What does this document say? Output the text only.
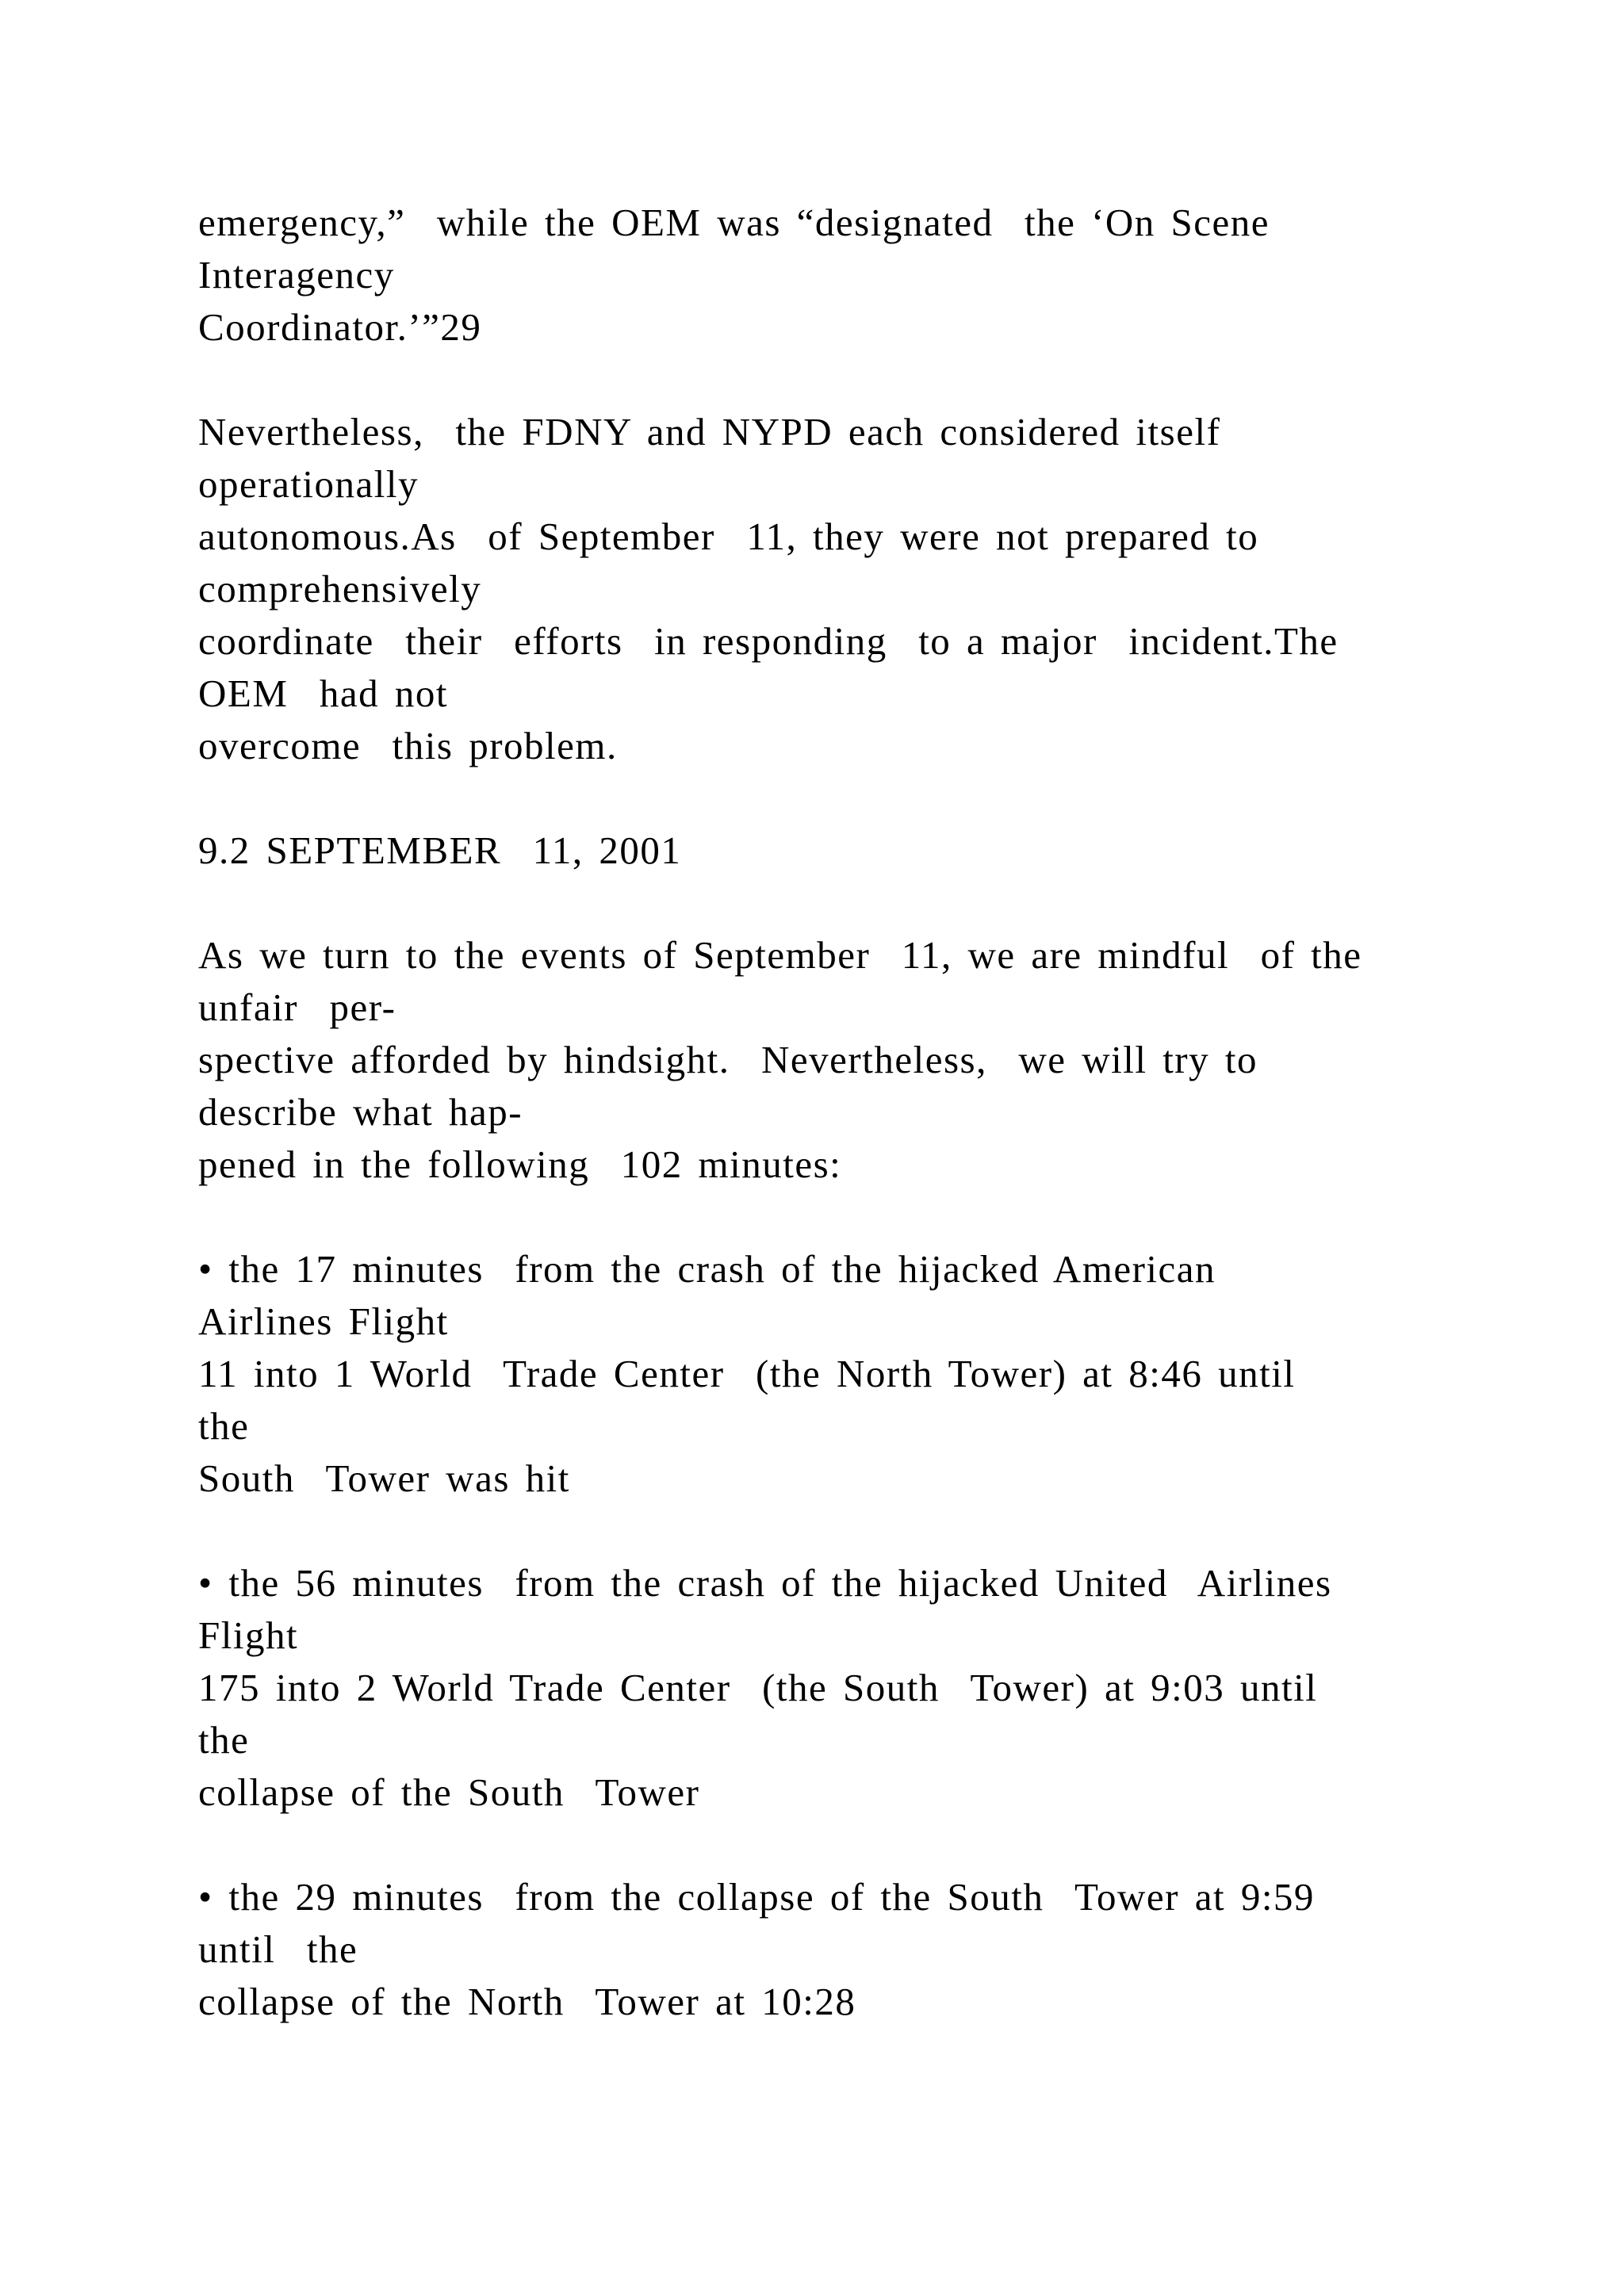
emergency,”  while the OEM was “designated  the ‘On Scene

Interagency

Coordinator.’”29

Nevertheless,  the FDNY and NYPD each considered itself

operationally

autonomous.As  of September  11, they were not prepared to

comprehensively

coordinate  their  efforts  in responding  to a major  incident.The

OEM  had not

overcome  this problem.

9.2 SEPTEMBER  11, 2001

As we turn to the events of September  11, we are mindful  of the

unfair  per-

spective afforded by hindsight.  Nevertheless,  we will try to

describe what hap-

pened in the following  102 minutes:

• the 17 minutes  from the crash of the hijacked American

Airlines Flight

11 into 1 World  Trade Center  (the North Tower) at 8:46 until

the

South  Tower was hit

• the 56 minutes  from the crash of the hijacked United  Airlines

Flight

175 into 2 World Trade Center  (the South  Tower) at 9:03 until

the

collapse of the South  Tower

• the 29 minutes  from the collapse of the South  Tower at 9:59

until  the

collapse of the North  Tower at 10:28
